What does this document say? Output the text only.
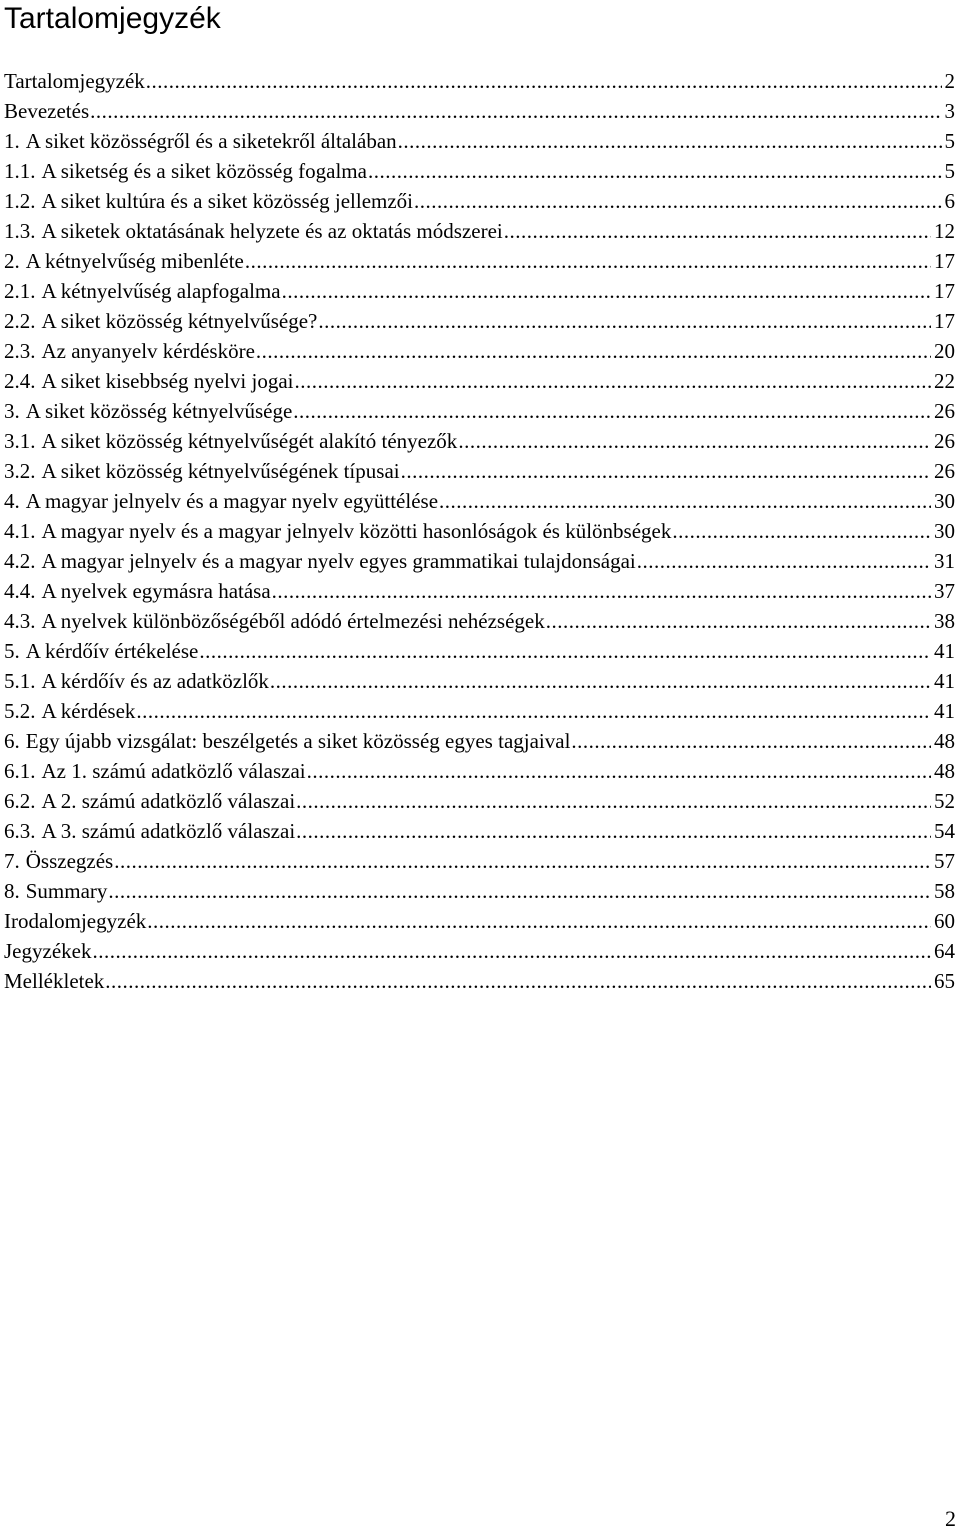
Tartalomjegyzék
Tartalomjegyzék .....	2
Bevezetés .....	3
1. A siket közösségről és a siketekről általában .....	5
1.1. A siketség és a siket közösség fogalma .....	5
1.2. A siket kultúra és a siket közösség jellemzői .....	6
1.3. A siketek oktatásának helyzete és az oktatás módszerei .....	12
2. A kétnyelvűség mibenléte .....	17
2.1. A kétnyelvűség alapfogalma .....	17
2.2. A siket közösség kétnyelvűsége? .....	17
2.3. Az anyanyelv kérdésköre .....	20
2.4. A siket kisebbség nyelvi jogai .....	22
3. A siket közösség kétnyelvűsége .....	26
3.1. A siket közösség kétnyelvűségét alakító tényezők .....	26
3.2. A siket közösség kétnyelvűségének típusai .....	26
4. A magyar jelnyelv és a magyar nyelv együttélése .....	30
4.1. A magyar nyelv és a magyar jelnyelv közötti hasonlóságok és különbségek .....	30
4.2. A magyar jelnyelv és a magyar nyelv egyes grammatikai tulajdonságai .....	31
4.4. A nyelvek egymásra hatása .....	37
4.3. A nyelvek különbözőségéből adódó értelmezési nehézségek .....	38
5. A kérdőív értékelése .....	41
5.1. A kérdőív és az adatközlők .....	41
5.2. A kérdések .....	41
6. Egy újabb vizsgálat: beszélgetés a siket közösség egyes tagjaival .....	48
6.1. Az 1. számú adatközlő válaszai .....	48
6.2. A 2. számú adatközlő válaszai .....	52
6.3. A 3. számú adatközlő válaszai .....	54
7. Összegzés .....	57
8. Summary .....	58
Irodalomjegyzék .....	60
Jegyzékek .....	64
Mellékletek .....	65
2
